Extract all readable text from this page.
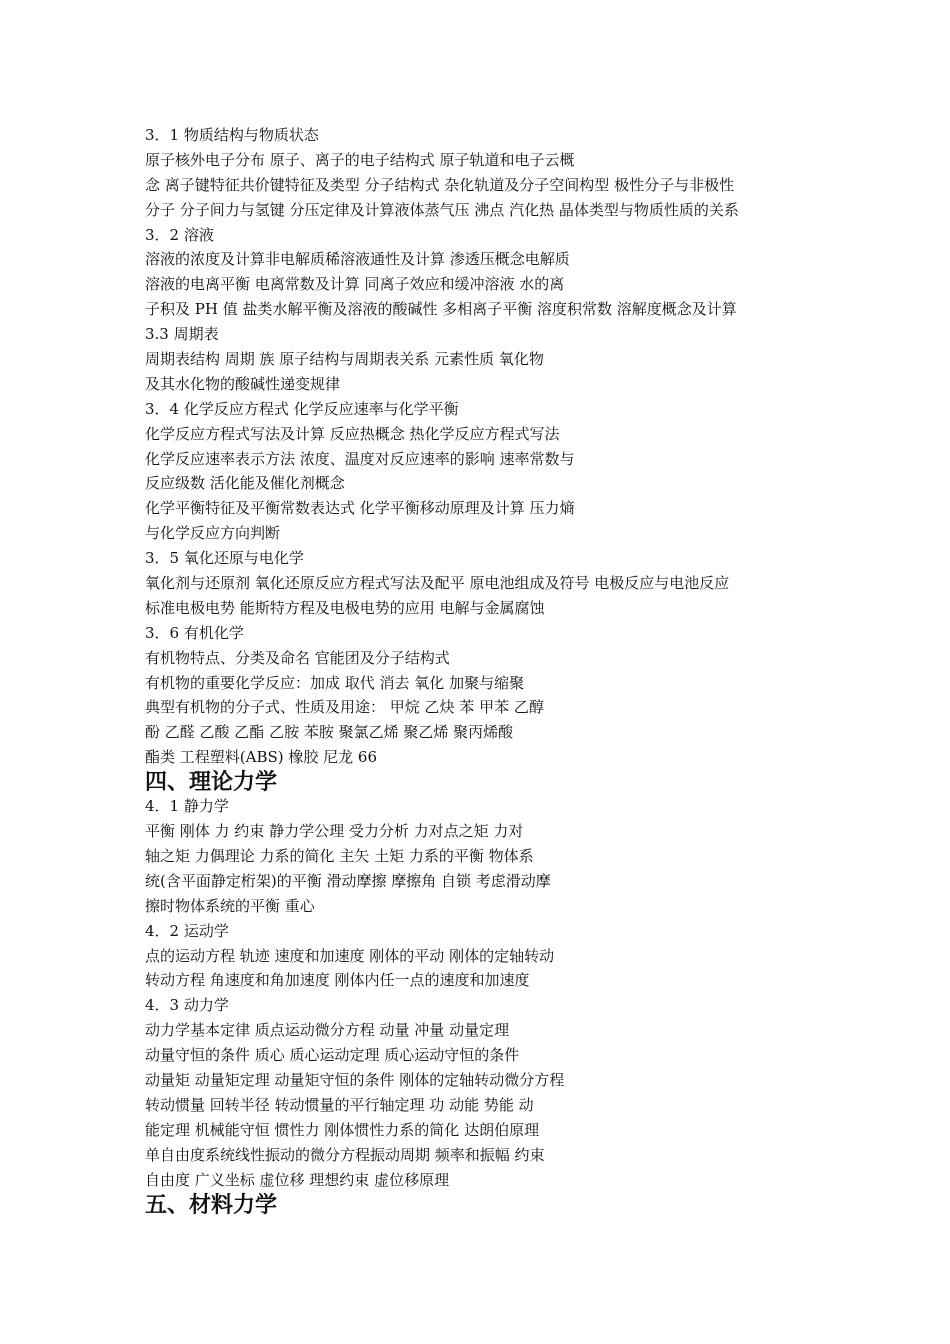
3．1 物质结构与物质状态
原子核外电子分布 原子、离子的电子结构式 原子轨道和电子云概
念 离子键特征共价键特征及类型 分子结构式 杂化轨道及分子空间构型 极性分子与非极性
分子 分子间力与氢键 分压定律及计算液体蒸气压 沸点 汽化热 晶体类型与物质性质的关系
3．2 溶液
溶液的浓度及计算非电解质稀溶液通性及计算 渗透压概念电解质
溶液的电离平衡 电离常数及计算 同离子效应和缓冲溶液 水的离
子积及 PH 值 盐类水解平衡及溶液的酸碱性 多相离子平衡 溶度积常数 溶解度概念及计算
3.3 周期表
周期表结构 周期 族 原子结构与周期表关系 元素性质 氧化物
及其水化物的酸碱性递变规律
3．4 化学反应方程式 化学反应速率与化学平衡
化学反应方程式写法及计算 反应热概念 热化学反应方程式写法
化学反应速率表示方法 浓度、温度对反应速率的影响 速率常数与
反应级数 活化能及催化剂概念
化学平衡特征及平衡常数表达式 化学平衡移动原理及计算 压力熵
与化学反应方向判断
3．5 氧化还原与电化学
氧化剂与还原剂 氧化还原反应方程式写法及配平 原电池组成及符号 电极反应与电池反应
标准电极电势 能斯特方程及电极电势的应用 电解与金属腐蚀
3．6 有机化学
有机物特点、分类及命名 官能团及分子结构式
有机物的重要化学反应：加成 取代 消去 氧化 加聚与缩聚
典型有机物的分子式、性质及用途： 甲烷 乙炔 苯 甲苯 乙醇
酚 乙醛 乙酸 乙酯 乙胺 苯胺 聚氯乙烯 聚乙烯 聚丙烯酸
酯类 工程塑料(ABS) 橡胶 尼龙 66
四、理论力学
4．1 静力学
平衡 刚体 力 约束 静力学公理 受力分析 力对点之矩 力对
轴之矩 力偶理论 力系的简化 主矢 土矩 力系的平衡 物体系
统(含平面静定桁架)的平衡 滑动摩擦 摩擦角 自锁 考虑滑动摩
擦时物体系统的平衡 重心
4．2 运动学
点的运动方程 轨迹 速度和加速度 刚体的平动 刚体的定轴转动
转动方程 角速度和角加速度 刚体内任一点的速度和加速度
4．3 动力学
动力学基本定律 质点运动微分方程 动量 冲量 动量定理
动量守恒的条件 质心 质心运动定理 质心运动守恒的条件
动量矩 动量矩定理 动量矩守恒的条件 刚体的定轴转动微分方程
转动惯量 回转半径 转动惯量的平行轴定理 功 动能 势能 动
能定理 机械能守恒 惯性力 刚体惯性力系的简化 达朗伯原理
单自由度系统线性振动的微分方程振动周期 频率和振幅 约束
自由度 广义坐标 虚位移 理想约束 虚位移原理
五、材料力学
